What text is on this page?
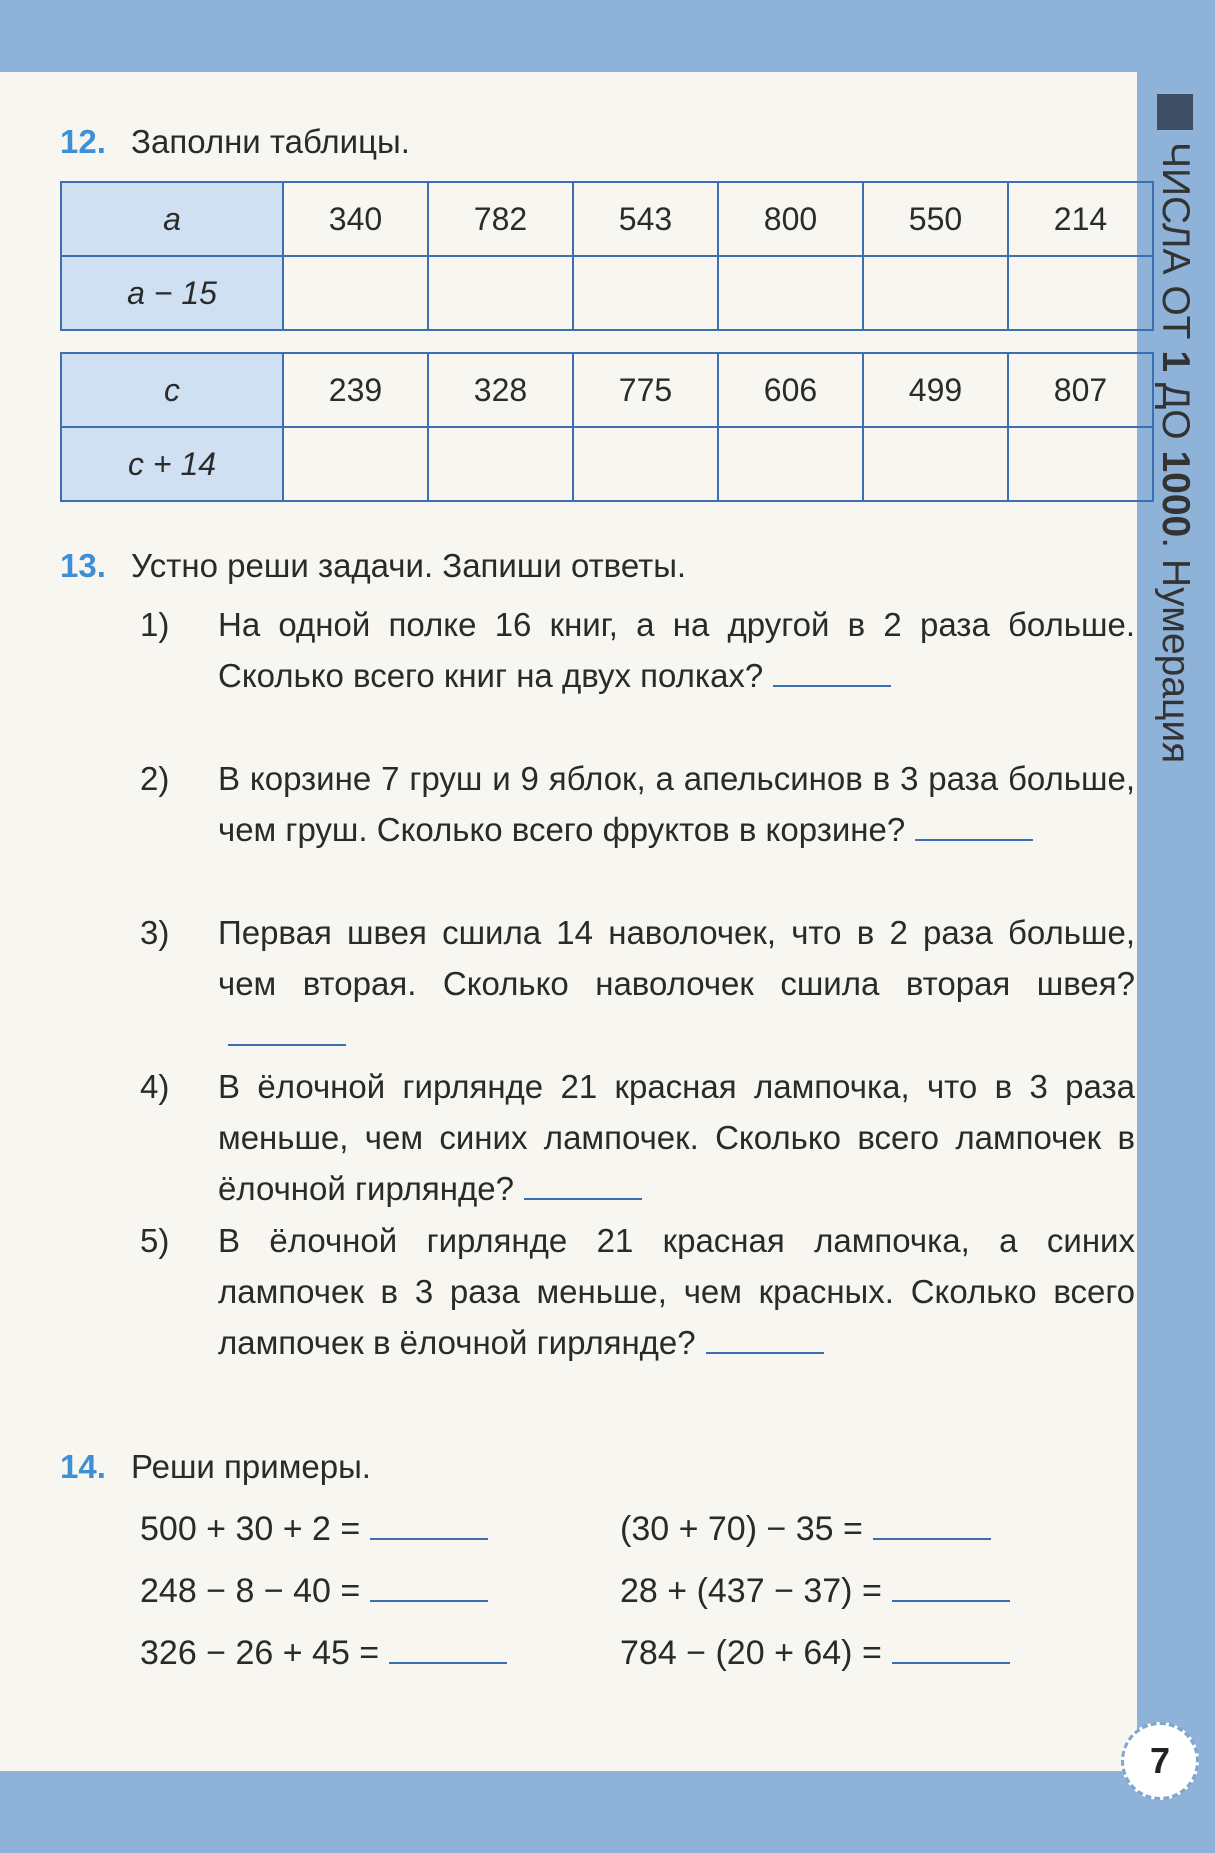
ЧИСЛА ОТ 1 ДО 1000. Нумерация
12. Заполни таблицы.
a	340	782	543	800	550	214
a − 15						
c	239	328	775	606	499	807
c + 14						
13. Устно реши задачи. Запиши ответы.
1) На одной полке 16 книг, а на другой в 2 раза больше. Сколько всего книг на двух полках?
2) В корзине 7 груш и 9 яблок, а апельсинов в 3 раза больше, чем груш. Сколько всего фруктов в корзине?
3) Первая швея сшила 14 наволочек, что в 2 раза больше, чем вторая. Сколько наволочек сшила вторая швея?
4) В ёлочной гирлянде 21 красная лампочка, что в 3 раза меньше, чем синих лампочек. Сколько всего лампочек в ёлочной гирлянде?
5) В ёлочной гирлянде 21 красная лампочка, а синих лампочек в 3 раза меньше, чем красных. Сколько всего лампочек в ёлочной гирлянде?
14. Реши примеры.
500 + 30 + 2 =
248 − 8 − 40 =
326 − 26 + 45 =
(30 + 70) − 35 =
28 + (437 − 37) =
784 − (20 + 64) =
7
